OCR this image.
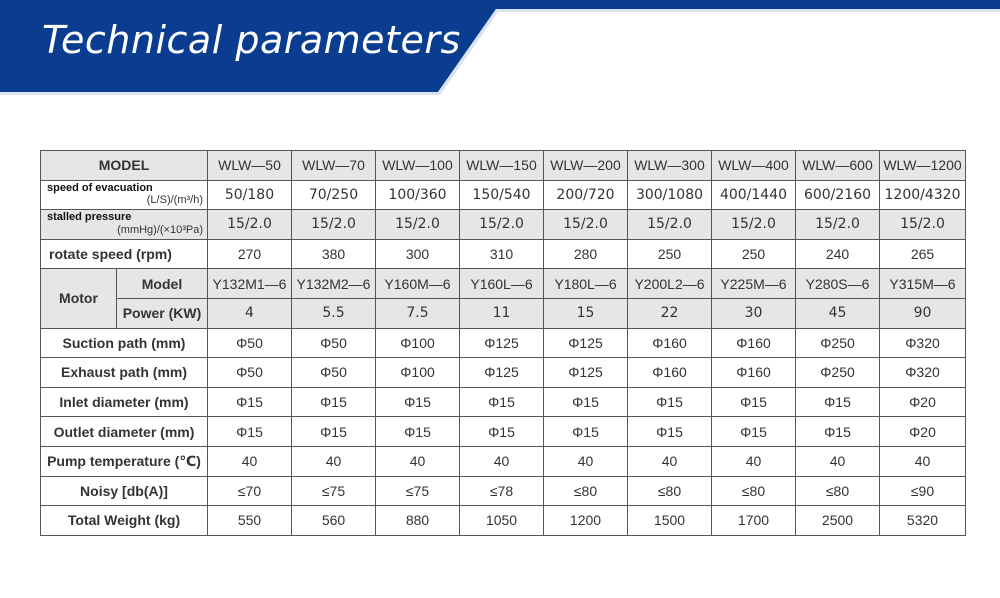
Technical parameters
MODEL		WLW—50	WLW—70	WLW—100	WLW—150	WLW—200	WLW—300	WLW—400	WLW—600	WLW—1200

speed of evacuation
(L/S)/(m³/h)		50/180	70/250	100/360	150/540	200/720	300/1080	400/1440	600/2160	1200/4320

stalled pressure
(mmHg)/(×10³Pa)		15/2.0	15/2.0	15/2.0	15/2.0	15/2.0	15/2.0	15/2.0	15/2.0	15/2.0
rotate speed (rpm)		270	380	300	310	280	250	250	240	265
Motor	Model	Y132M1—6	Y132M2—6	Y160M—6	Y160L—6	Y180L—6	Y200L2—6	Y225M—6	Y280S—6	Y315M—6
	Power (KW)	4	5.5	7.5	11	15	22	30	45	90
Suction path (mm)		Φ50	Φ50	Φ100	Φ125	Φ125	Φ160	Φ160	Φ250	Φ320
Exhaust path (mm)		Φ50	Φ50	Φ100	Φ125	Φ125	Φ160	Φ160	Φ250	Φ320
Inlet diameter (mm)		Φ15	Φ15	Φ15	Φ15	Φ15	Φ15	Φ15	Φ15	Φ20
Outlet diameter (mm)		Φ15	Φ15	Φ15	Φ15	Φ15	Φ15	Φ15	Φ15	Φ20
Pump temperature (℃)		40	40	40	40	40	40	40	40	40
Noisy [db(A)]		≤70	≤75	≤75	≤78	≤80	≤80	≤80	≤80	≤90
Total Weight (kg)		550	560	880	1050	1200	1500	1700	2500	5320
